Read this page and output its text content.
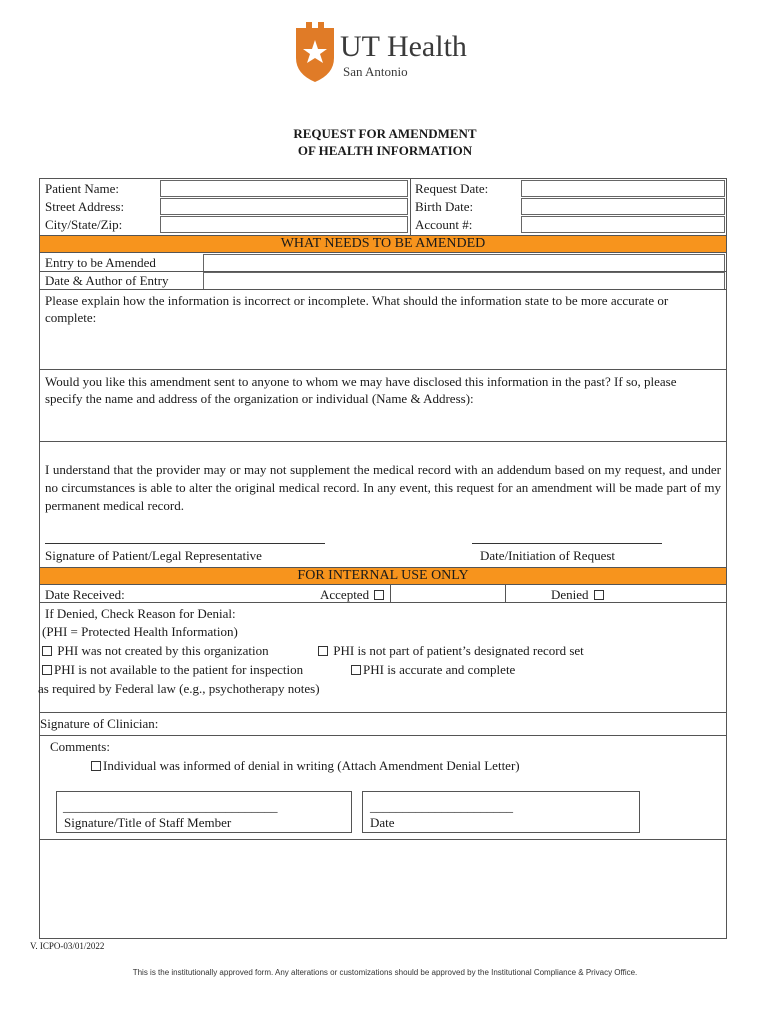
UT Health
San Antonio
REQUEST FOR AMENDMENT
OF HEALTH INFORMATION
Patient Name:
Street Address:
City/State/Zip:
Request Date:
Birth Date:
Account #:
WHAT NEEDS TO BE AMENDED
Entry to be Amended
Date & Author of Entry
Please explain how the information is incorrect or incomplete. What should the information state to be more accurate or complete:
Would you like this amendment sent to anyone to whom we may have disclosed this information in the past? If so, please specify the name and address of the organization or individual (Name & Address):
I understand that the provider may or may not supplement the medical record with an addendum based on my request, and under no circumstances is able to alter the original medical record. In any event, this request for an amendment will be made part of my permanent medical record.
Signature of Patient/Legal Representative	Date/Initiation of Request
FOR INTERNAL USE ONLY
Date Received:	Accepted	Denied
If Denied, Check Reason for Denial:
(PHI = Protected Health Information)
PHI was not created by this organization	PHI is not part of patient’s designated record set
PHI is not available to the patient for inspection	PHI is accurate and complete
as required by Federal law (e.g., psychotherapy notes)
Signature of Clinician:
Comments:
Individual was informed of denial in writing (Attach Amendment Denial Letter)
_________________________________
Signature/Title of Staff Member
______________________
Date
V. ICPO-03/01/2022
This is the institutionally approved form. Any alterations or customizations should be approved by the Institutional Compliance & Privacy Office.
